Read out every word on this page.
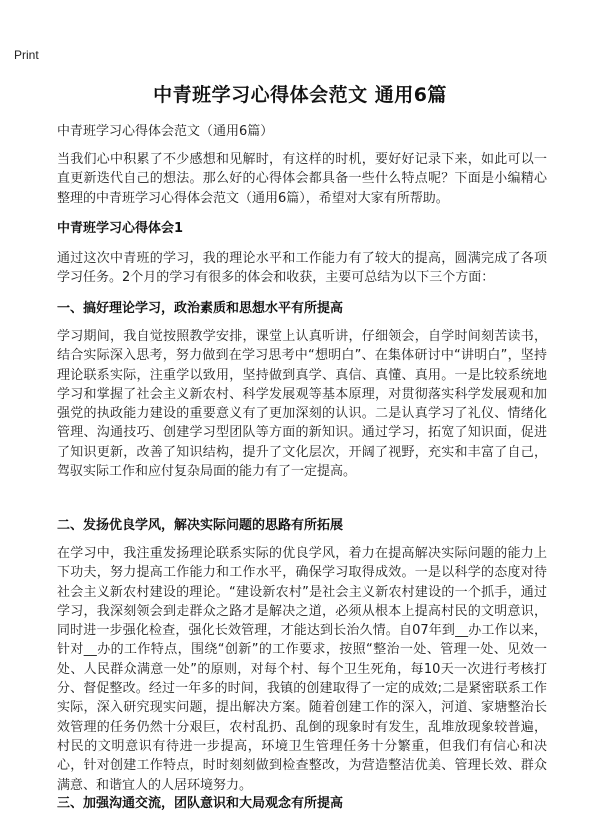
Print
中青班学习心得体会范文 通用6篇
中青班学习心得体会范文（通用6篇）

当我们心中积累了不少感想和见解时，有这样的时机，要好好记录下来，如此可以一直更新迭代自己的想法。那么好的心得体会都具备一些什么特点呢？下面是小编精心整理的中青班学习心得体会范文（通用6篇），希望对大家有所帮助。

中青班学习心得体会1

通过这次中青班的学习，我的理论水平和工作能力有了较大的提高，圆满完成了各项学习任务。2个月的学习有很多的体会和收获，主要可总结为以下三个方面：

一、搞好理论学习，政治素质和思想水平有所提高

学习期间，我自觉按照教学安排，课堂上认真听讲，仔细领会，自学时间刻苦读书，结合实际深入思考，努力做到在学习思考中“想明白”、在集体研讨中“讲明白”，坚持理论联系实际，注重学以致用，坚持做到真学、真信、真懂、真用。一是比较系统地学习和掌握了社会主义新农村、科学发展观等基本原理，对贯彻落实科学发展观和加强党的执政能力建设的重要意义有了更加深刻的认识。二是认真学习了礼仪、情绪化管理、沟通技巧、创建学习型团队等方面的新知识。通过学习，拓宽了知识面，促进了知识更新，改善了知识结构，提升了文化层次，开阔了视野，充实和丰富了自己，驾驭实际工作和应付复杂局面的能力有了一定提高。

二、发扬优良学风，解决实际问题的思路有所拓展

在学习中，我注重发扬理论联系实际的优良学风，着力在提高解决实际问题的能力上下功夫，努力提高工作能力和工作水平，确保学习取得成效。一是以科学的态度对待社会主义新农村建设的理论。“建设新农村”是社会主义新农村建设的一个抓手，通过学习，我深刻领会到走群众之路才是解决之道，必须从根本上提高村民的文明意识，同时进一步强化检查，强化长效管理，才能达到长治久情。自07年到__办工作以来，针对__办的工作特点，围绕“创新”的工作要求，按照“整治一处、管理一处、见效一处、人民群众满意一处”的原则，对每个村、每个卫生死角，每10天一次进行考核打分、督促整改。经过一年多的时间，我镇的创建取得了一定的成效;二是紧密联系工作实际，深入研究现实问题，提出解决方案。随着创建工作的深入，河道、家塘整治长效管理的任务仍然十分艰巨，农村乱扔、乱倒的现象时有发生，乱堆放现象较普遍，村民的文明意识有待进一步提高，环境卫生管理任务十分繁重，但我们有信心和决心，针对创建工作特点，时时刻刻做到检查整改，为营造整洁优美、管理长效、群众满意、和谐宜人的人居环境努力。

三、加强沟通交流，团队意识和大局观念有所提高
